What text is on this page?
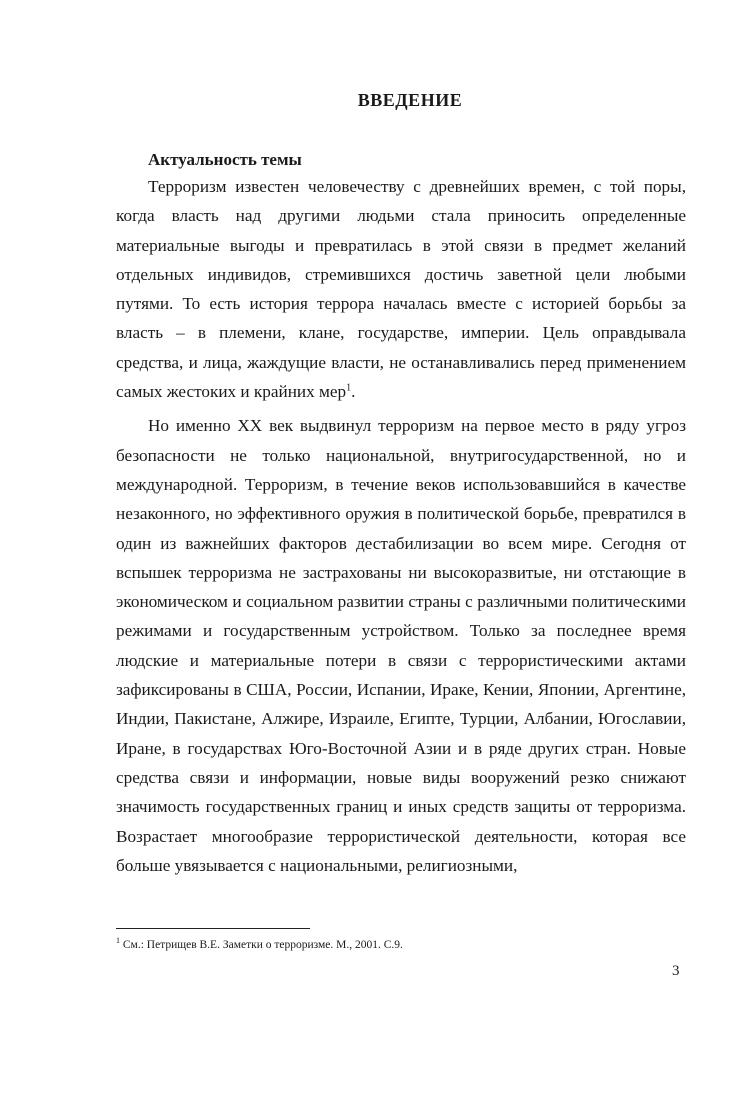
ВВЕДЕНИЕ
Актуальность темы

Терроризм известен человечеству с древнейших времен, с той поры, когда власть над другими людьми стала приносить определенные материальные выгоды и превратилась в этой связи в предмет желаний отдельных индивидов, стремившихся достичь заветной цели любыми путями. То есть история террора началась вместе с историей борьбы за власть – в племени, клане, государстве, империи. Цель оправдывала средства, и лица, жаждущие власти, не останавливались перед применением самых жестоких и крайних мер$^1$.

Но именно XX век выдвинул терроризм на первое место в ряду угроз безопасности не только национальной, внутригосударственной, но и международной. Терроризм, в течение веков использовавшийся в качестве незаконного, но эффективного оружия в политической борьбе, превратился в один из важнейших факторов дестабилизации во всем мире. Сегодня от вспышек терроризма не застрахованы ни высокоразвитые, ни отстающие в экономическом и социальном развитии страны с различными политическими режимами и государственным устройством. Только за последнее время людские и материальные потери в связи с террористическими актами зафиксированы в США, России, Испании, Ираке, Кении, Японии, Аргентине, Индии, Пакистане, Алжире, Израиле, Египте, Турции, Албании, Югославии, Иране, в государствах Юго-Восточной Азии и в ряде других стран. Новые средства связи и информации, новые виды вооружений резко снижают значимость государственных границ и иных средств защиты от терроризма. Возрастает многообразие террористической деятельности, которая все больше увязывается с национальными, религиозными,

$^1$ См.: Петрищев В.Е. Заметки о терроризме. М., 2001. С.9.
3
